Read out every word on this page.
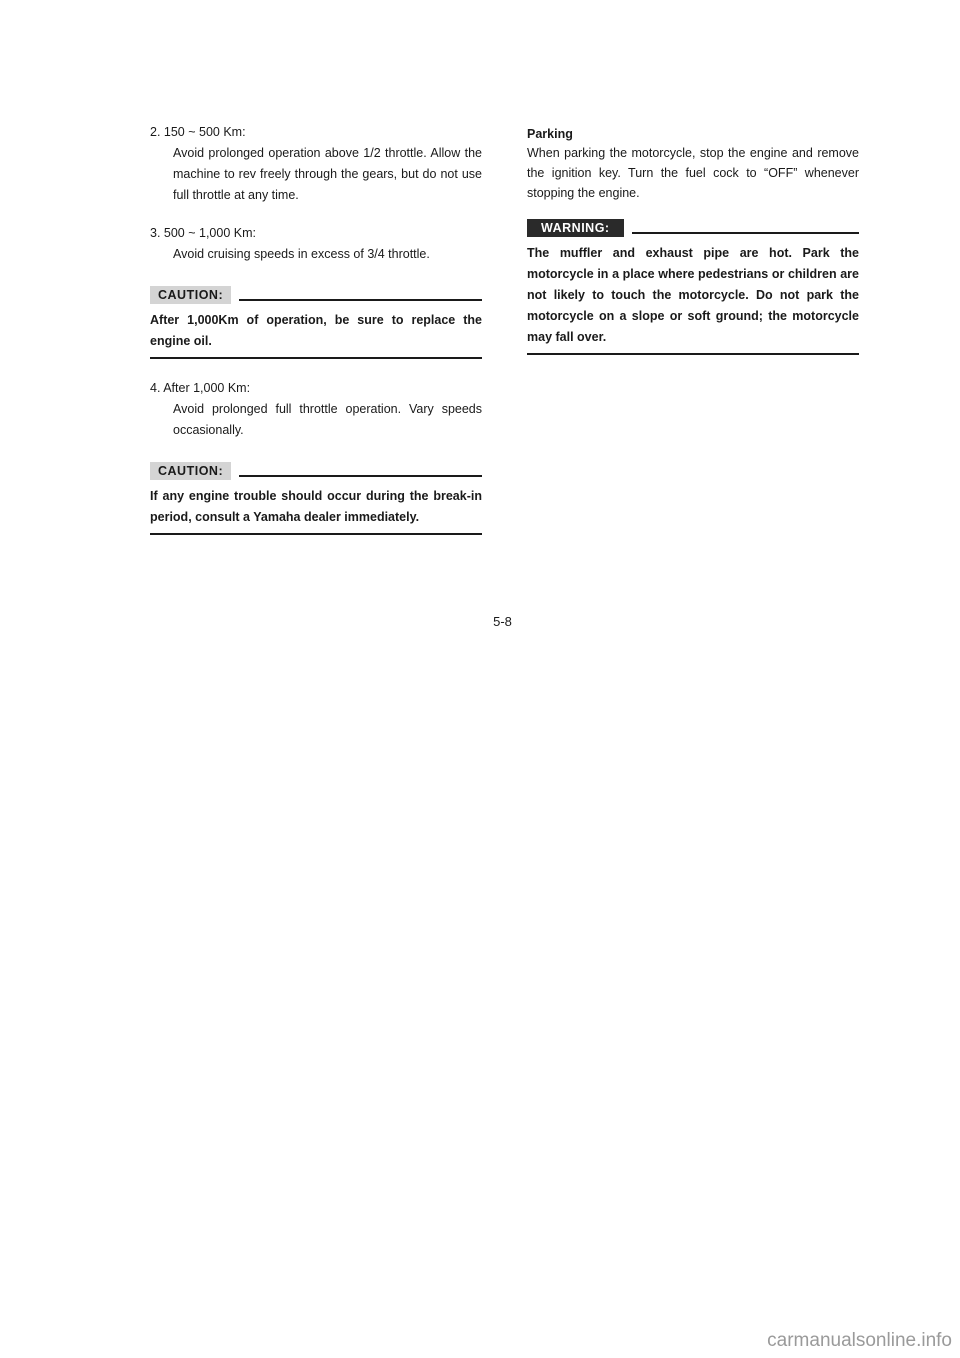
2. 150 ~ 500 Km:
Avoid prolonged operation above 1/2 throttle. Allow the machine to rev freely through the gears, but do not use full throttle at any time.
3. 500 ~ 1,000 Km:
Avoid cruising speeds in excess of 3/4 throttle.
CAUTION:
After 1,000Km of operation, be sure to replace the engine oil.
4. After 1,000 Km:
Avoid prolonged full throttle operation. Vary speeds occasionally.
CAUTION:
If any engine trouble should occur during the break-in period, consult a Yamaha dealer immediately.
Parking
When parking the motorcycle, stop the engine and remove the ignition key. Turn the fuel cock to “OFF” whenever stopping the engine.
WARNING:
The muffler and exhaust pipe are hot. Park the motorcycle in a place where pedestrians or children are not likely to touch the motorcycle. Do not park the motorcycle on a slope or soft ground; the motorcycle may fall over.
5-8
carmanualsonline.info
